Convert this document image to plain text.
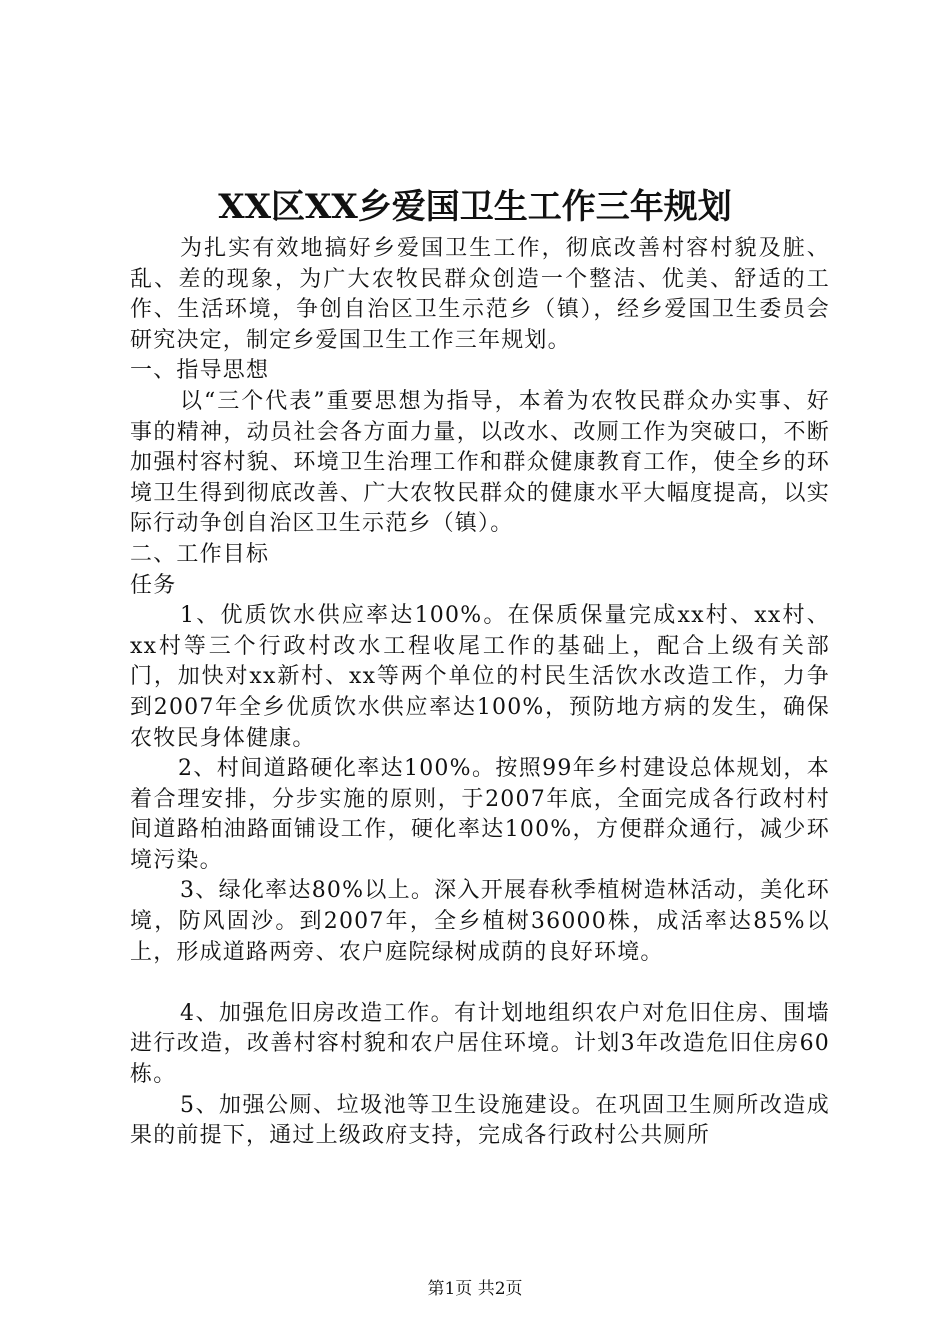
XX区XX乡爱国卫生工作三年规划

为扎实有效地搞好乡爱国卫生工作，彻底改善村容村貌及脏、乱、差的现象，为广大农牧民群众创造一个整洁、优美、舒适的工作、生活环境，争创自治区卫生示范乡（镇），经乡爱国卫生委员会研究决定，制定乡爱国卫生工作三年规划。

一、指导思想

以“三个代表”重要思想为指导，本着为农牧民群众办实事、好事的精神，动员社会各方面力量，以改水、改厕工作为突破口，不断加强村容村貌、环境卫生治理工作和群众健康教育工作，使全乡的环境卫生得到彻底改善、广大农牧民群众的健康水平大幅度提高，以实际行动争创自治区卫生示范乡（镇）。

二、工作目标

任务

1、优质饮水供应率达100%。在保质保量完成xx村、xx村、xx村等三个行政村改水工程收尾工作的基础上，配合上级有关部门，加快对xx新村、xx等两个单位的村民生活饮水改造工作，力争到2007年全乡优质饮水供应率达100%，预防地方病的发生，确保农牧民身体健康。

2、村间道路硬化率达100%。按照99年乡村建设总体规划，本着合理安排，分步实施的原则，于2007年底，全面完成各行政村村间道路柏油路面铺设工作，硬化率达100%，方便群众通行，减少环境污染。

3、绿化率达80%以上。深入开展春秋季植树造林活动，美化环境，防风固沙。到2007年，全乡植树36000株，成活率达85%以上，形成道路两旁、农户庭院绿树成荫的良好环境。

4、加强危旧房改造工作。有计划地组织农户对危旧住房、围墙进行改造，改善村容村貌和农户居住环境。计划3年改造危旧住房60栋。

5、加强公厕、垃圾池等卫生设施建设。在巩固卫生厕所改造成果的前提下，通过上级政府支持，完成各行政村公共厕所

第1页 共2页
